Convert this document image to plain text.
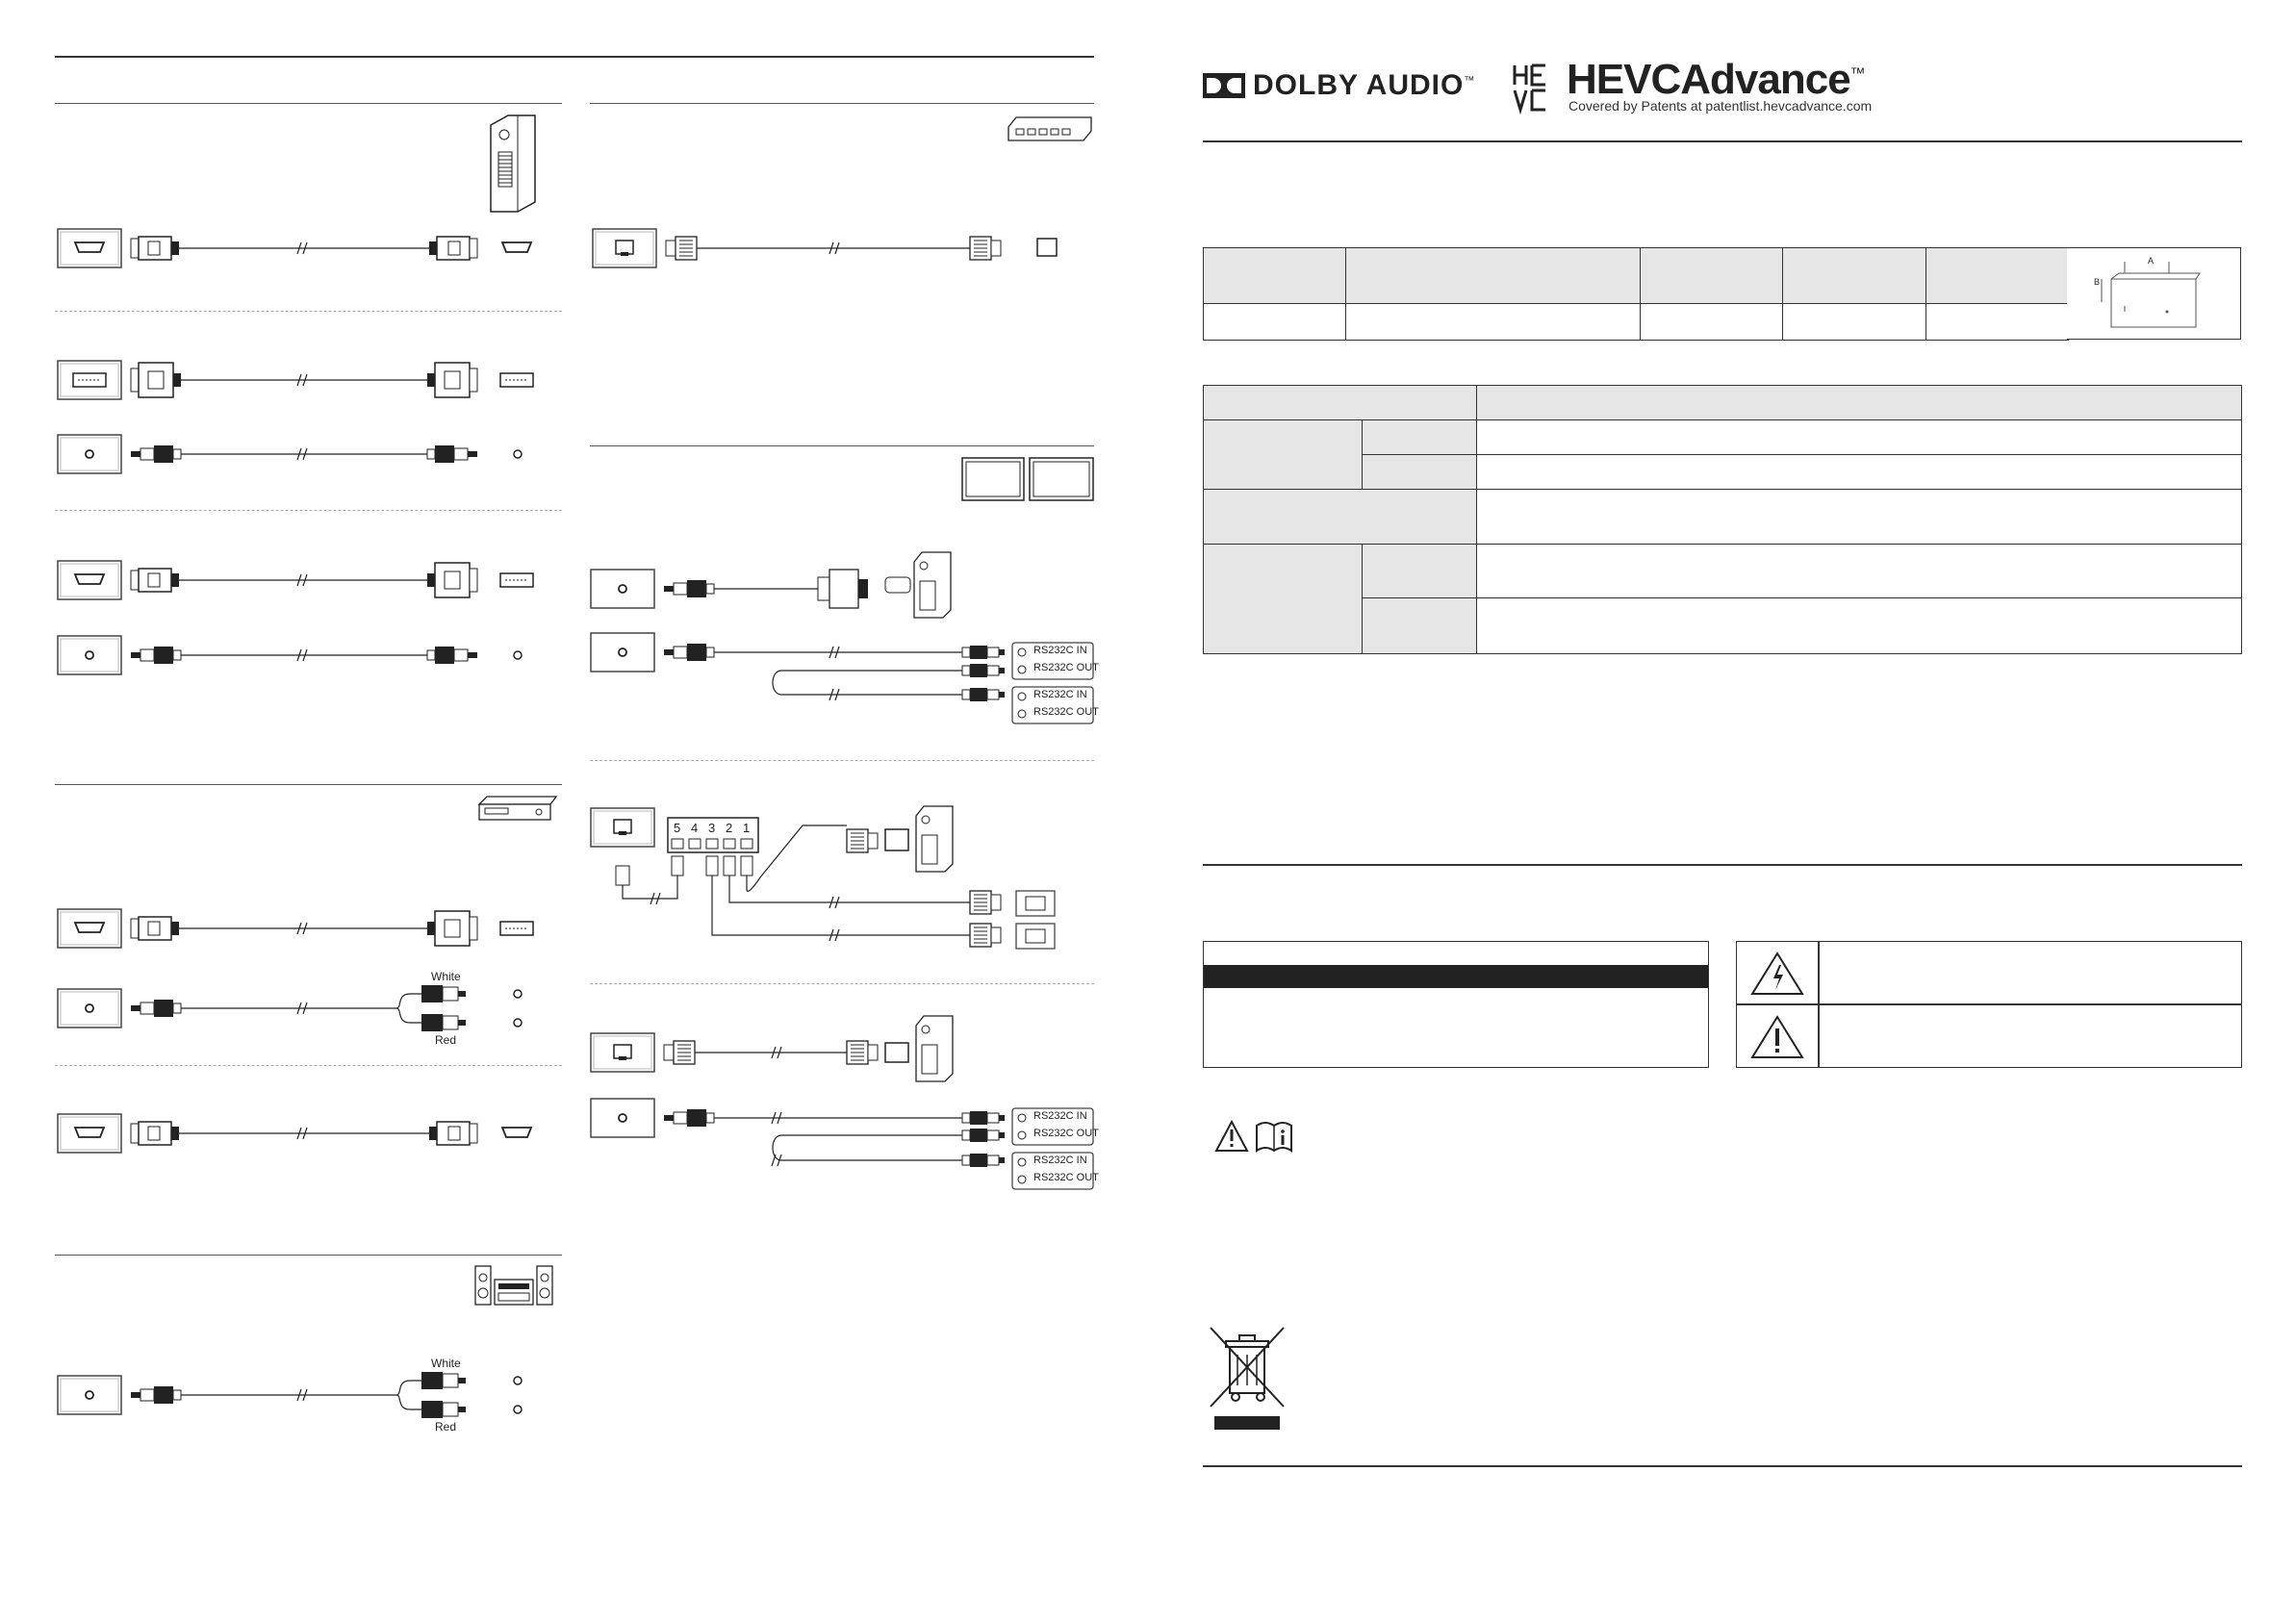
White
Red
White
Red
RS232C IN
RS232C OUT
RS232C IN
RS232C OUT
RS232C IN
RS232C OUT
RS232C IN
RS232C OUT
5 4 3 2 1
DOLBY AUDIO™ HEVCAdvance™
Covered by Patents at patentlist.hevcadvance.com

A
B
